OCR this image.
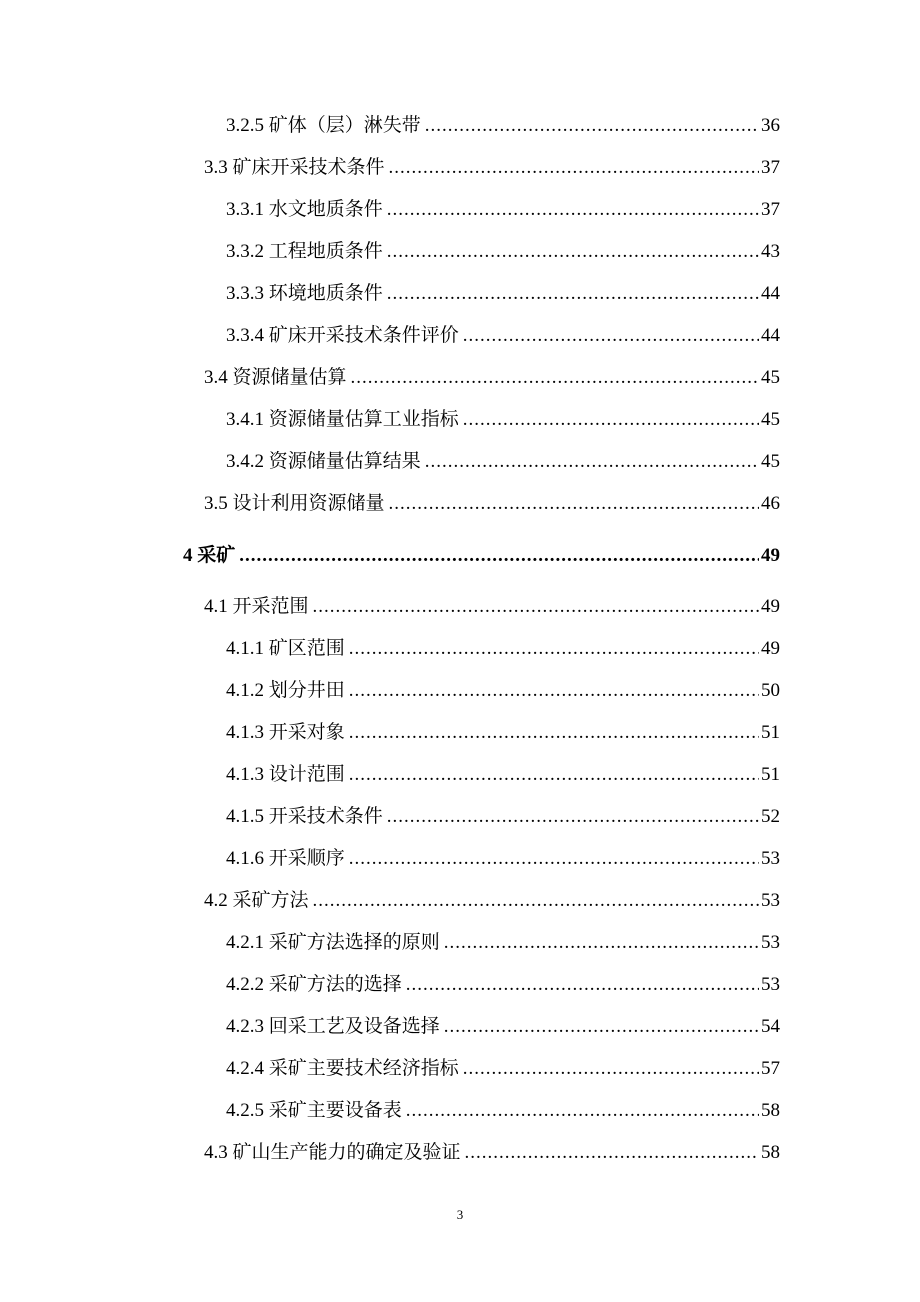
3.2.5 矿体（层）淋失带 .....	36
3.3 矿床开采技术条件 .....	37
3.3.1 水文地质条件 .....	37
3.3.2 工程地质条件 .....	43
3.3.3 环境地质条件 .....	44
3.3.4 矿床开采技术条件评价 .....	44
3.4 资源储量估算 .....	45
3.4.1 资源储量估算工业指标 .....	45
3.4.2 资源储量估算结果 .....	45
3.5 设计利用资源储量 .....	46
4 采矿 .....	49
4.1 开采范围 .....	49
4.1.1 矿区范围 .....	49
4.1.2 划分井田 .....	50
4.1.3 开采对象 .....	51
4.1.3 设计范围 .....	51
4.1.5 开采技术条件 .....	52
4.1.6 开采顺序 .....	53
4.2 采矿方法 .....	53
4.2.1 采矿方法选择的原则 .....	53
4.2.2 采矿方法的选择 .....	53
4.2.3 回采工艺及设备选择 .....	54
4.2.4 采矿主要技术经济指标 .....	57
4.2.5 采矿主要设备表 .....	58
4.3 矿山生产能力的确定及验证 .....	58
3
